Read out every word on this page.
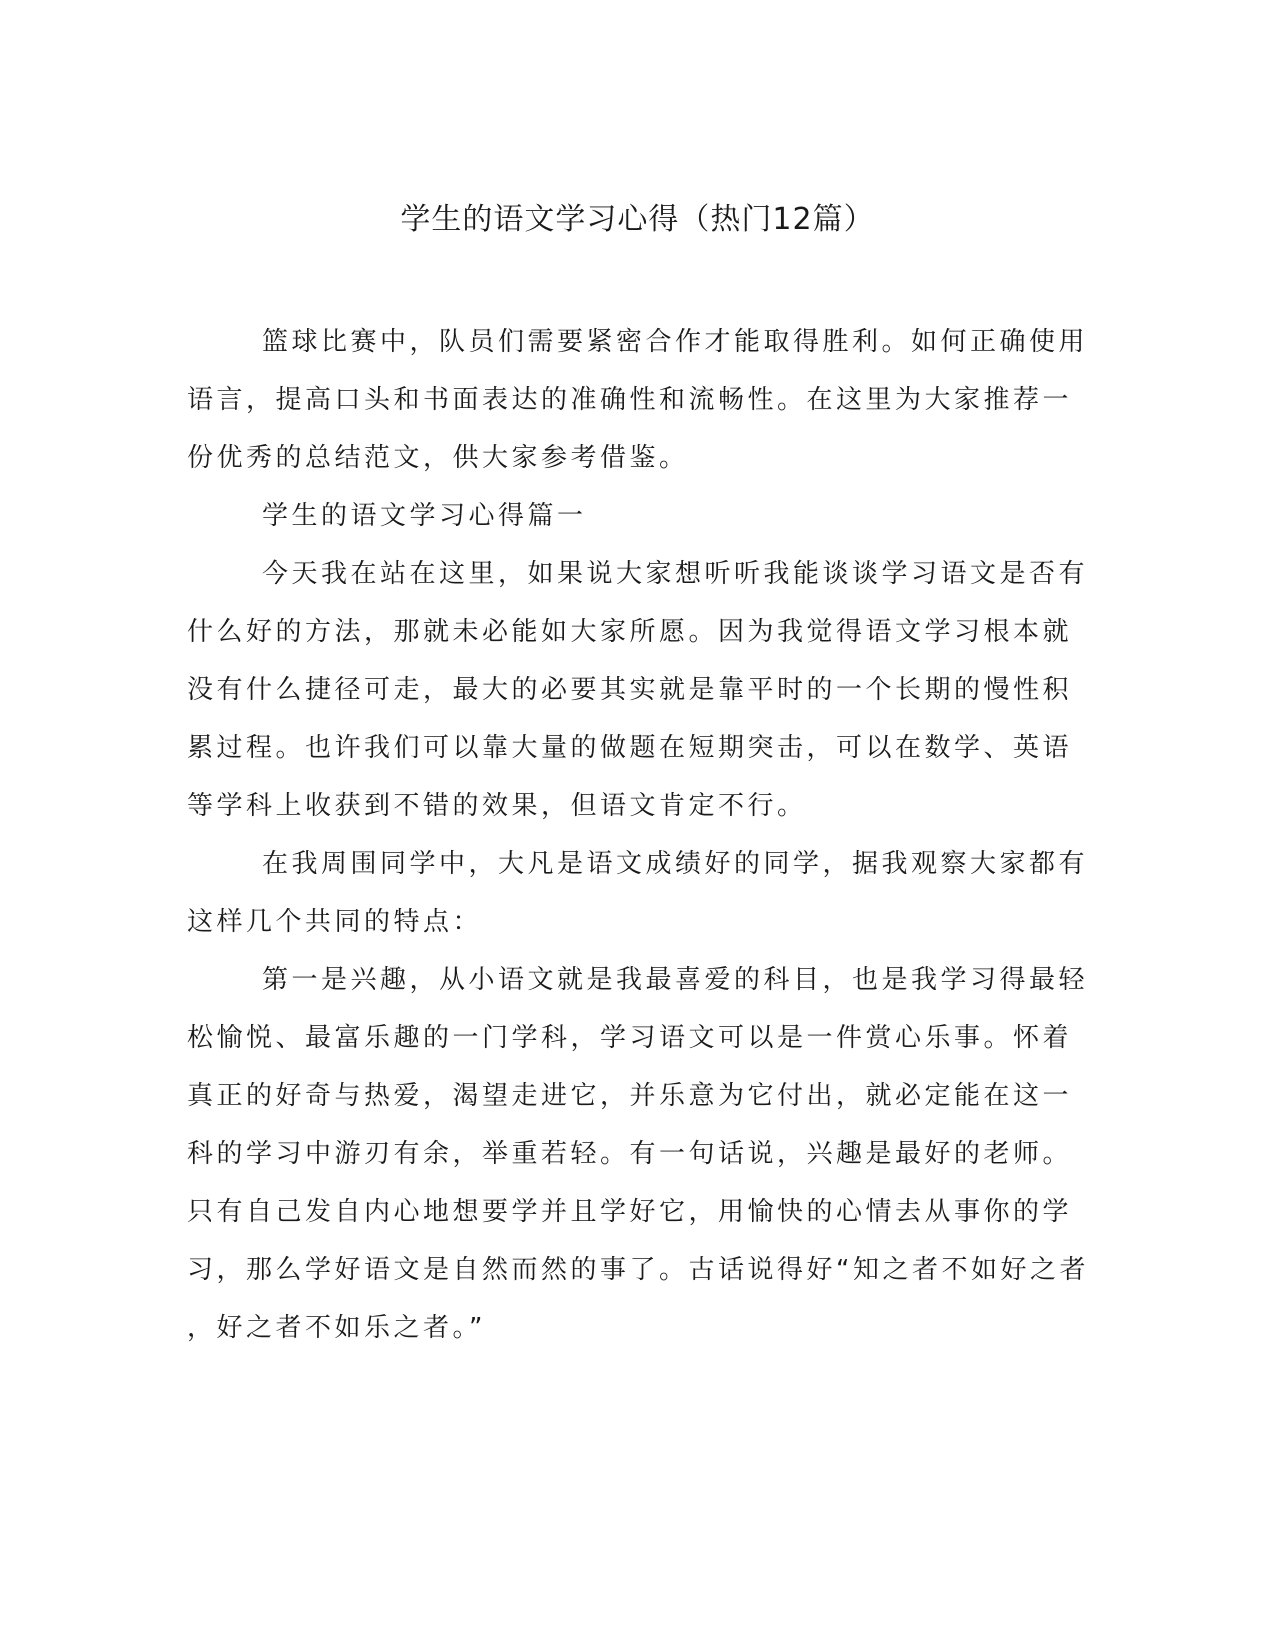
学生的语文学习心得（热门12篇）
篮球比赛中，队员们需要紧密合作才能取得胜利。如何正确使用
语言，提高口头和书面表达的准确性和流畅性。在这里为大家推荐一
份优秀的总结范文，供大家参考借鉴。
学生的语文学习心得篇一
今天我在站在这里，如果说大家想听听我能谈谈学习语文是否有
什么好的方法，那就未必能如大家所愿。因为我觉得语文学习根本就
没有什么捷径可走，最大的必要其实就是靠平时的一个长期的慢性积
累过程。也许我们可以靠大量的做题在短期突击，可以在数学、英语
等学科上收获到不错的效果，但语文肯定不行。
在我周围同学中，大凡是语文成绩好的同学，据我观察大家都有
这样几个共同的特点：
第一是兴趣，从小语文就是我最喜爱的科目，也是我学习得最轻
松愉悦、最富乐趣的一门学科，学习语文可以是一件赏心乐事。怀着
真正的好奇与热爱，渴望走进它，并乐意为它付出，就必定能在这一
科的学习中游刃有余，举重若轻。有一句话说，兴趣是最好的老师。
只有自己发自内心地想要学并且学好它，用愉快的心情去从事你的学
习，那么学好语文是自然而然的事了。古话说得好“知之者不如好之者
，好之者不如乐之者。”
